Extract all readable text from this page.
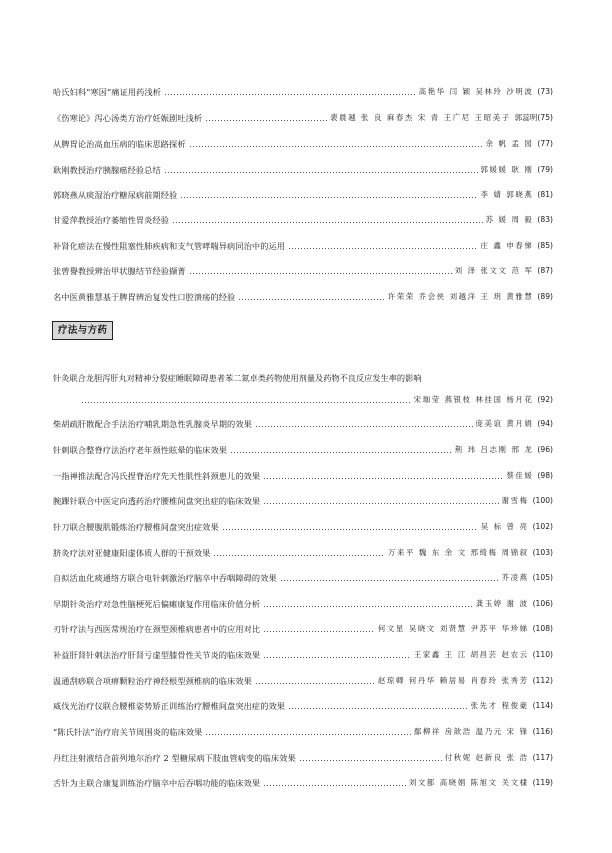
哈氏妇科“寒因”痛证用药浅析	高艳华 闫 颖 吴林玲 沙明波 (73)
《伤寒论》泻心汤类方治疗妊娠剧吐浅析	裴晨越 张 良 麻春杰 宋 青 王广尼 王昭美子 郭蕊明(75)
从脾胃论治高血压病的临床思路探析	余 帆 孟 园 (77)
耿刚教授治疗胰腺癌经验总结	郭媛媛 耿 刚 (79)
郭晓燕从痰湿治疗糖尿病前期经验	李 婧 郭晓燕 (81)
甘爱萍教授治疗萎缩性胃炎经验	苏 媛 周 毅 (83)
补肾化瘀法在慢性阻塞性肺疾病和支气管哮喘异病同治中的运用	庄 鑫 申春悌 (85)
张曾譽教授辨治甲状腺结节经验撷菁	刘 泽 张文文 范 军 (87)
名中医黄雅慧基于脾胃辨治复发性口腔溃疡的经验	许荣荣 乔会侠 刘越洋 王 玥 黄雅慧 (89)
疗法与方药
针灸联合龙胆泻肝丸对精神分裂症睡眠障碍患者苯二氮卓类药物使用剂量及药物不良反应发生率的影响
宋珈莹 燕银枝 林挂国 杨月花 (92)
柴胡疏肝散配合手法治疗哺乳期急性乳腺炎早期的效果	庞美谊 黄月娟 (94)
针刺联合整脊疗法治疗老年颈性眩晕的临床效果	荆 玮 吕志刚 邢 龙 (96)
一指禅推法配合冯氏捏脊治疗先天性肌性斜颈患儿的效果	蔡佳媛 (98)
腕踝针联合中医定向透药治疗腰椎间盘突出症的临床效果	谢雪梅 (100)
针刀联合腰腹肌锻炼治疗腰椎间盘突出症效果	吴 标 曾 亮 (102)
脐灸疗法对亚健康阳虚体质人群的干预效果	万来平 魏 东 余 文 邢绮梅 周锦叙 (103)
自拟活血化痰通络方联合电针刺激治疗脑卒中吞咽障碍的效果	芥凌燕 (105)
早期针灸治疗对急性脑梗死后偏瘫康复作用临床价值分析	龚玉婷 谢 波 (106)
刃针疗法与西医常规治疗在颈型颈椎病患者中的应用对比	何文星 吴晓文 刘贤慧 尹苏平 华珍娣 (108)
补益肝肾针刺法治疗肝肾亏虚型膝骨性关节炎的临床效果	王家鑫 王 江 胡昌芸 赵农云 (110)
温通刮痧联合项痹颗粒治疗神经根型颈椎病的临床效果	赵琼卿 何丹华 赖居易 肖春玲 张秀芳 (112)
威伐光治疗仪联合腰椎姿势矫正训练治疗腰椎间盘突出症的效果	张先才 程俊豪 (114)
“陈氏针法”治疗肩关节周围炎的临床效果	鄢柳祥 房歆浩 温乃元 宋 锋 (116)
丹红注射液结合前列地尔治疗 2 型糖尿病下肢血管病变的临床效果	付秋妮 赵新良 张 浩 (117)
舌针为主联合康复训练治疗脑卒中后吞咽功能的临床效果	刘文都 高晓娟 陈旭文 关文棣 (119)
